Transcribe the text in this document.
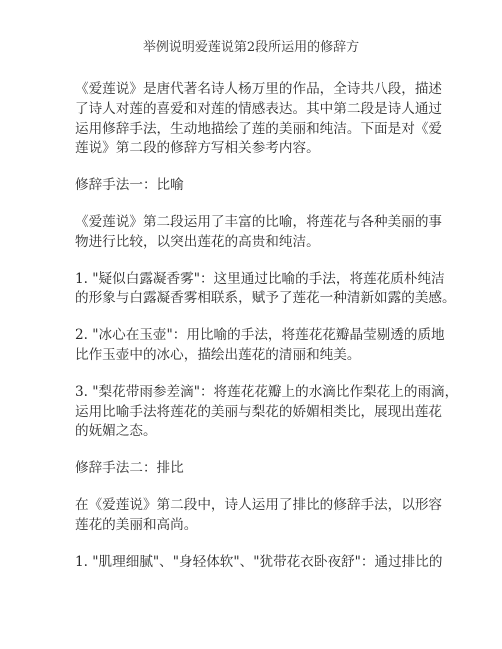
举例说明爱莲说第2段所运用的修辞方

《爱莲说》是唐代著名诗人杨万里的作品，全诗共八段，描述
了诗人对莲的喜爱和对莲的情感表达。其中第二段是诗人通过
运用修辞手法，生动地描绘了莲的美丽和纯洁。下面是对《爱
莲说》第二段的修辞方写相关参考内容。

修辞手法一：比喻

《爱莲说》第二段运用了丰富的比喻，将莲花与各种美丽的事
物进行比较，以突出莲花的高贵和纯洁。

1. "疑似白露凝香雾"：这里通过比喻的手法，将莲花质朴纯洁
的形象与白露凝香雾相联系，赋予了莲花一种清新如露的美感。

2. "冰心在玉壶"：用比喻的手法，将莲花花瓣晶莹剔透的质地
比作玉壶中的冰心，描绘出莲花的清丽和纯美。

3. "梨花带雨参差滴"：将莲花花瓣上的水滴比作梨花上的雨滴，
运用比喻手法将莲花的美丽与梨花的娇媚相类比，展现出莲花
的妩媚之态。

修辞手法二：排比

在《爱莲说》第二段中，诗人运用了排比的修辞手法，以形容
莲花的美丽和高尚。

1. "肌理细腻"、"身轻体软"、"犹带花衣卧夜舒"：通过排比的
